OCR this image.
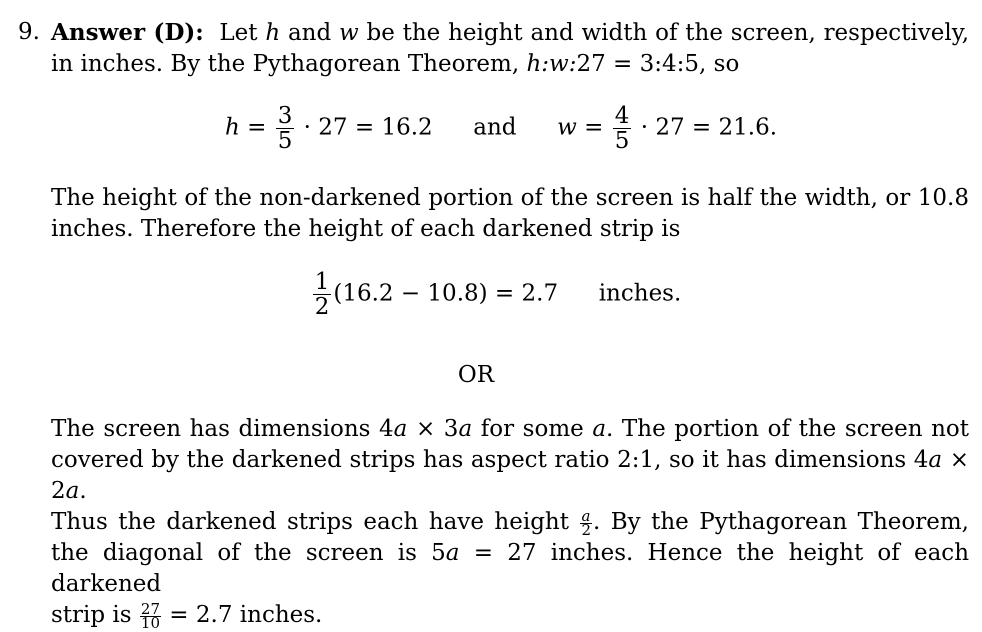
9. Answer (D): Let h and w be the height and width of the screen, respectively,
in inches. By the Pythagorean Theorem, h:w:27 = 3:4:5, so
$h = \frac{3}{5} \cdot 27 = 16.2$ and $w = \frac{4}{5} \cdot 27 = 21.6$.
The height of the non-darkened portion of the screen is half the width, or 10.8
inches. Therefore the height of each darkened strip is
$\frac{1}{2} (16.2 - 10.8) = 2.7$ inches.
OR
The screen has dimensions 4a × 3a for some a. The portion of the screen not
covered by the darkened strips has aspect ratio 2:1, so it has dimensions 4a × 2a.
Thus the darkened strips each have height $\frac{a}{2}$ . By the Pythagorean Theorem,
the diagonal of the screen is 5a = 27 inches. Hence the height of each darkened
strip is $\frac{27}{10} = 2.7$ inches.
